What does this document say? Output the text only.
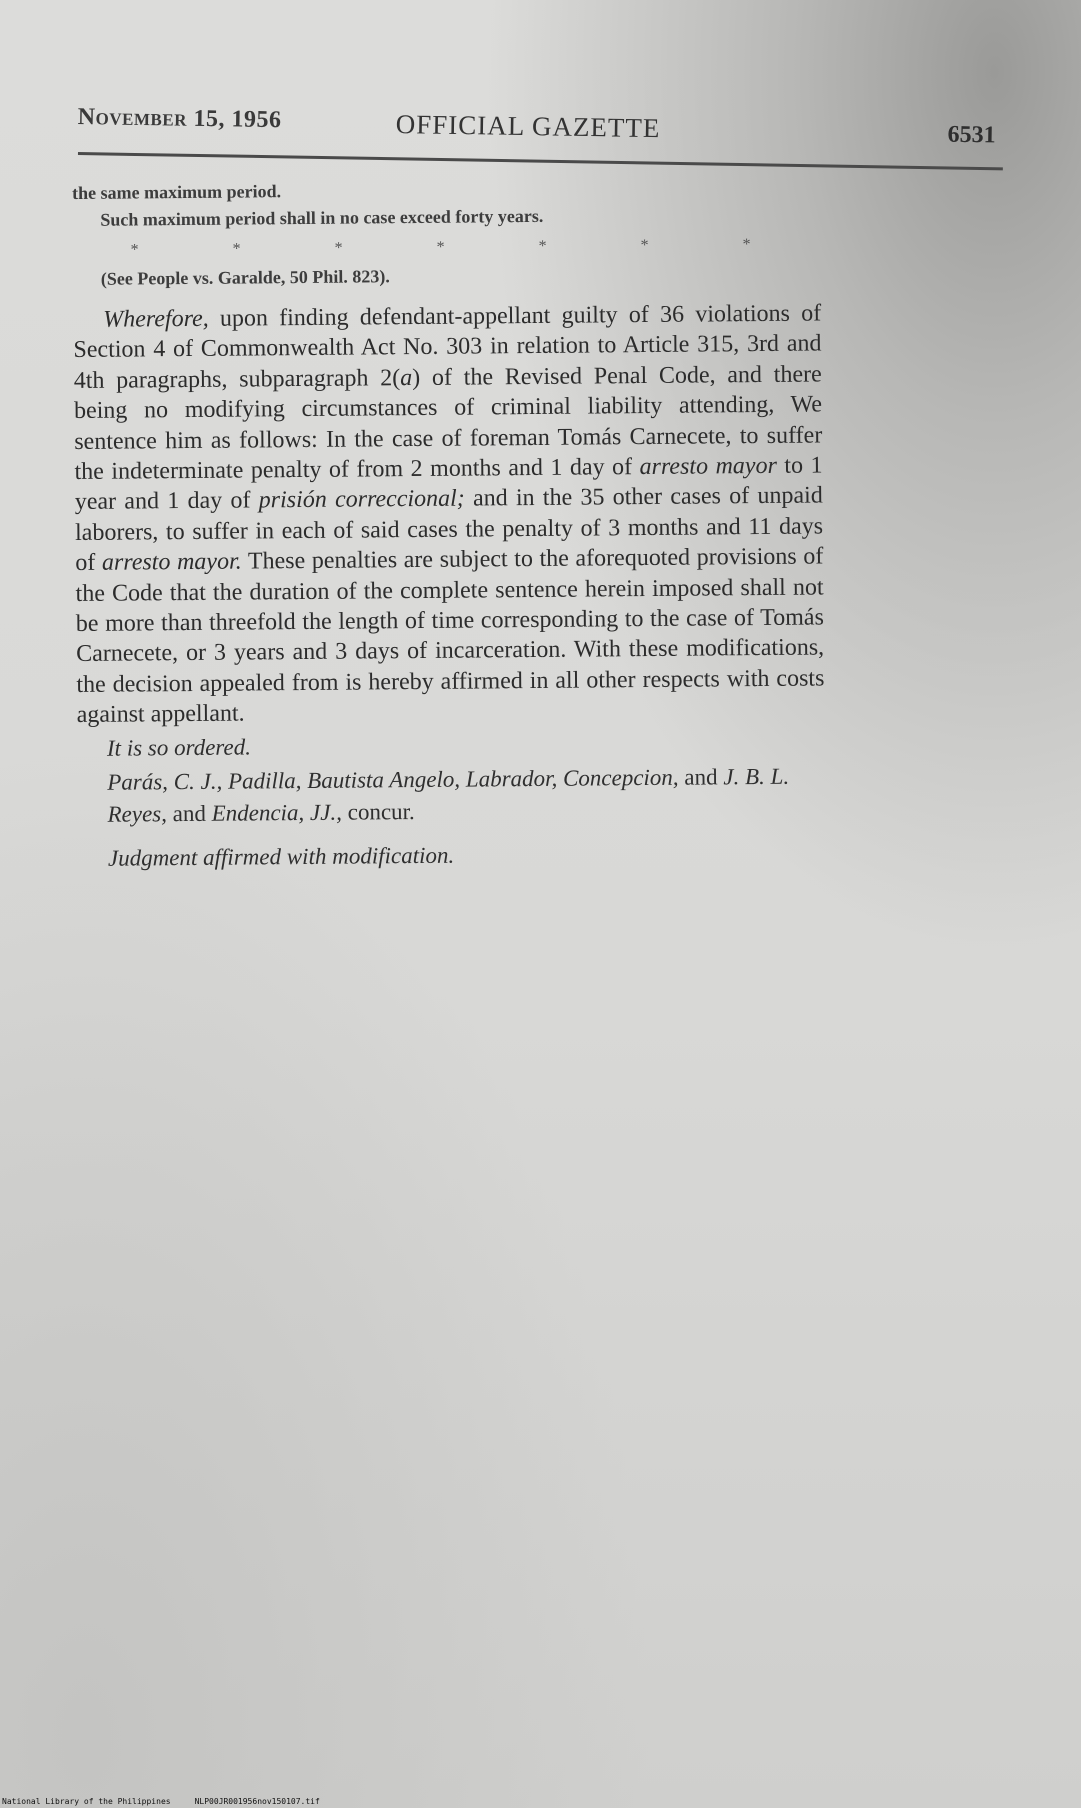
November 15, 1956	OFFICIAL GAZETTE	6531

the same maximum period.

Such maximum period shall in no case exceed forty years.

*	*	*	*	*	*	*

(See People vs. Garalde, 50 Phil. 823).

Wherefore, upon finding defendant-appellant guilty of 36 violations of Section 4 of Commonwealth Act No. 303 in relation to Article 315, 3rd and 4th paragraphs, subparagraph 2(a) of the Revised Penal Code, and there being no modifying circumstances of criminal liability attending, We sentence him as follows: In the case of foreman Tomás Carnecete, to suffer the indeterminate penalty of from 2 months and 1 day of arresto mayor to 1 year and 1 day of prisión correccional; and in the 35 other cases of unpaid laborers, to suffer in each of said cases the penalty of 3 months and 11 days of arresto mayor. These penalties are subject to the aforequoted provisions of the Code that the duration of the complete sentence herein imposed shall not be more than threefold the length of time corresponding to the case of Tomás Carnecete, or 3 years and 3 days of incarceration. With these modifications, the decision appealed from is hereby affirmed in all other respects with costs against appellant.

It is so ordered.

Parás, C. J., Padilla, Bautista Angelo, Labrador, Concepcion, and J. B. L. Reyes, and Endencia, JJ., concur.

Judgment affirmed with modification.

National Library of the Philippines	NLP00JR001956nov150107.tif
